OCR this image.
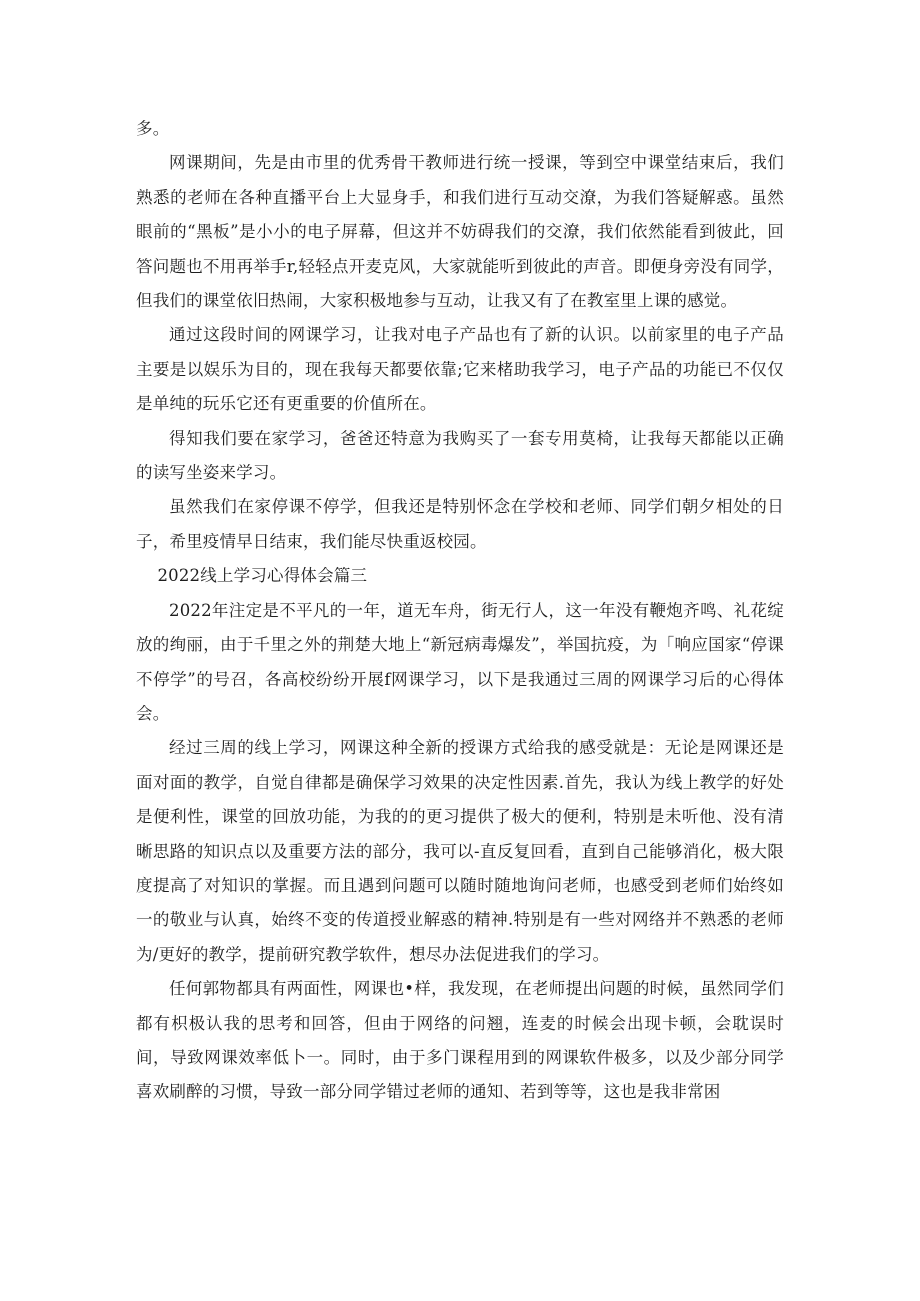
多。

网课期间，先是由市里的优秀骨干教师进行统一授课，等到空中课堂结束后，我们熟悉的老师在各种直播平台上大显身手，和我们进行互动交潦，为我们答疑解惑。虽然眼前的“黑板”是小小的电子屏幕，但这并不妨碍我们的交潦，我们依然能看到彼此，回答问题也不用再举手r,轻轻点开麦克风，大家就能听到彼此的声音。即便身旁没有同学，但我们的课堂依旧热闹，大家积极地参与互动，让我又有了在教室里上课的感觉。

通过这段时间的网课学习，让我对电子产品也有了新的认识。以前家里的电子产品主要是以娱乐为目的，现在我每天都要依靠;它来楮助我学习，电子产品的功能已不仅仅是单纯的玩乐它还有更重要的价值所在。

得知我们要在家学习，爸爸还特意为我购买了一套专用莫椅，让我每天都能以正确的读写坐姿来学习。

虽然我们在家停课不停学，但我还是特别怀念在学校和老师、同学们朝夕相处的日子，希里疫情早日结束，我们能尽快重返校园。

2022线上学习心得体会篇三

2022年注定是不平凡的一年，道无车舟，街无行人，这一年没有鞭炮齐鸣、礼花绽放的绚丽，由于千里之外的荆楚大地上“新冠病毒爆发”，举国抗疫，为「响应国家“停课不停学”的号召，各高校纷纷开展f网课学习，以下是我通过三周的网课学习后的心得体会。

经过三周的线上学习，网课这种全新的授课方式给我的感受就是：无论是网课还是面对面的教学，自觉自律都是确保学习效果的决定性因素.首先，我认为线上教学的好处是便利性，课堂的回放功能，为我的的更习提供了极大的便利，特别是未听他、没有清晰思路的知识点以及重要方法的部分，我可以-直反复回看，直到自己能够消化，极大限度提高了对知识的掌握。而且遇到问题可以随时随地询问老师，也感受到老师们始终如一的敬业与认真，始终不变的传道授业解惑的精神.特别是有一些对网络并不熟悉的老师为/更好的教学，提前研究教学软件，想尽办法促进我们的学习。

任何郭物都具有两面性，网课也•样，我发现，在老师提出问题的时候，虽然同学们都有枳极认我的思考和回答，但由于网络的问翘，连麦的时候会出现卡顿，会耽误时间，导致网课效率低卜一。同时，由于多门课程用到的网课软件极多，以及少部分同学喜欢刷醉的习惯，导致一部分同学错过老师的通知、若到等等，这也是我非常困
